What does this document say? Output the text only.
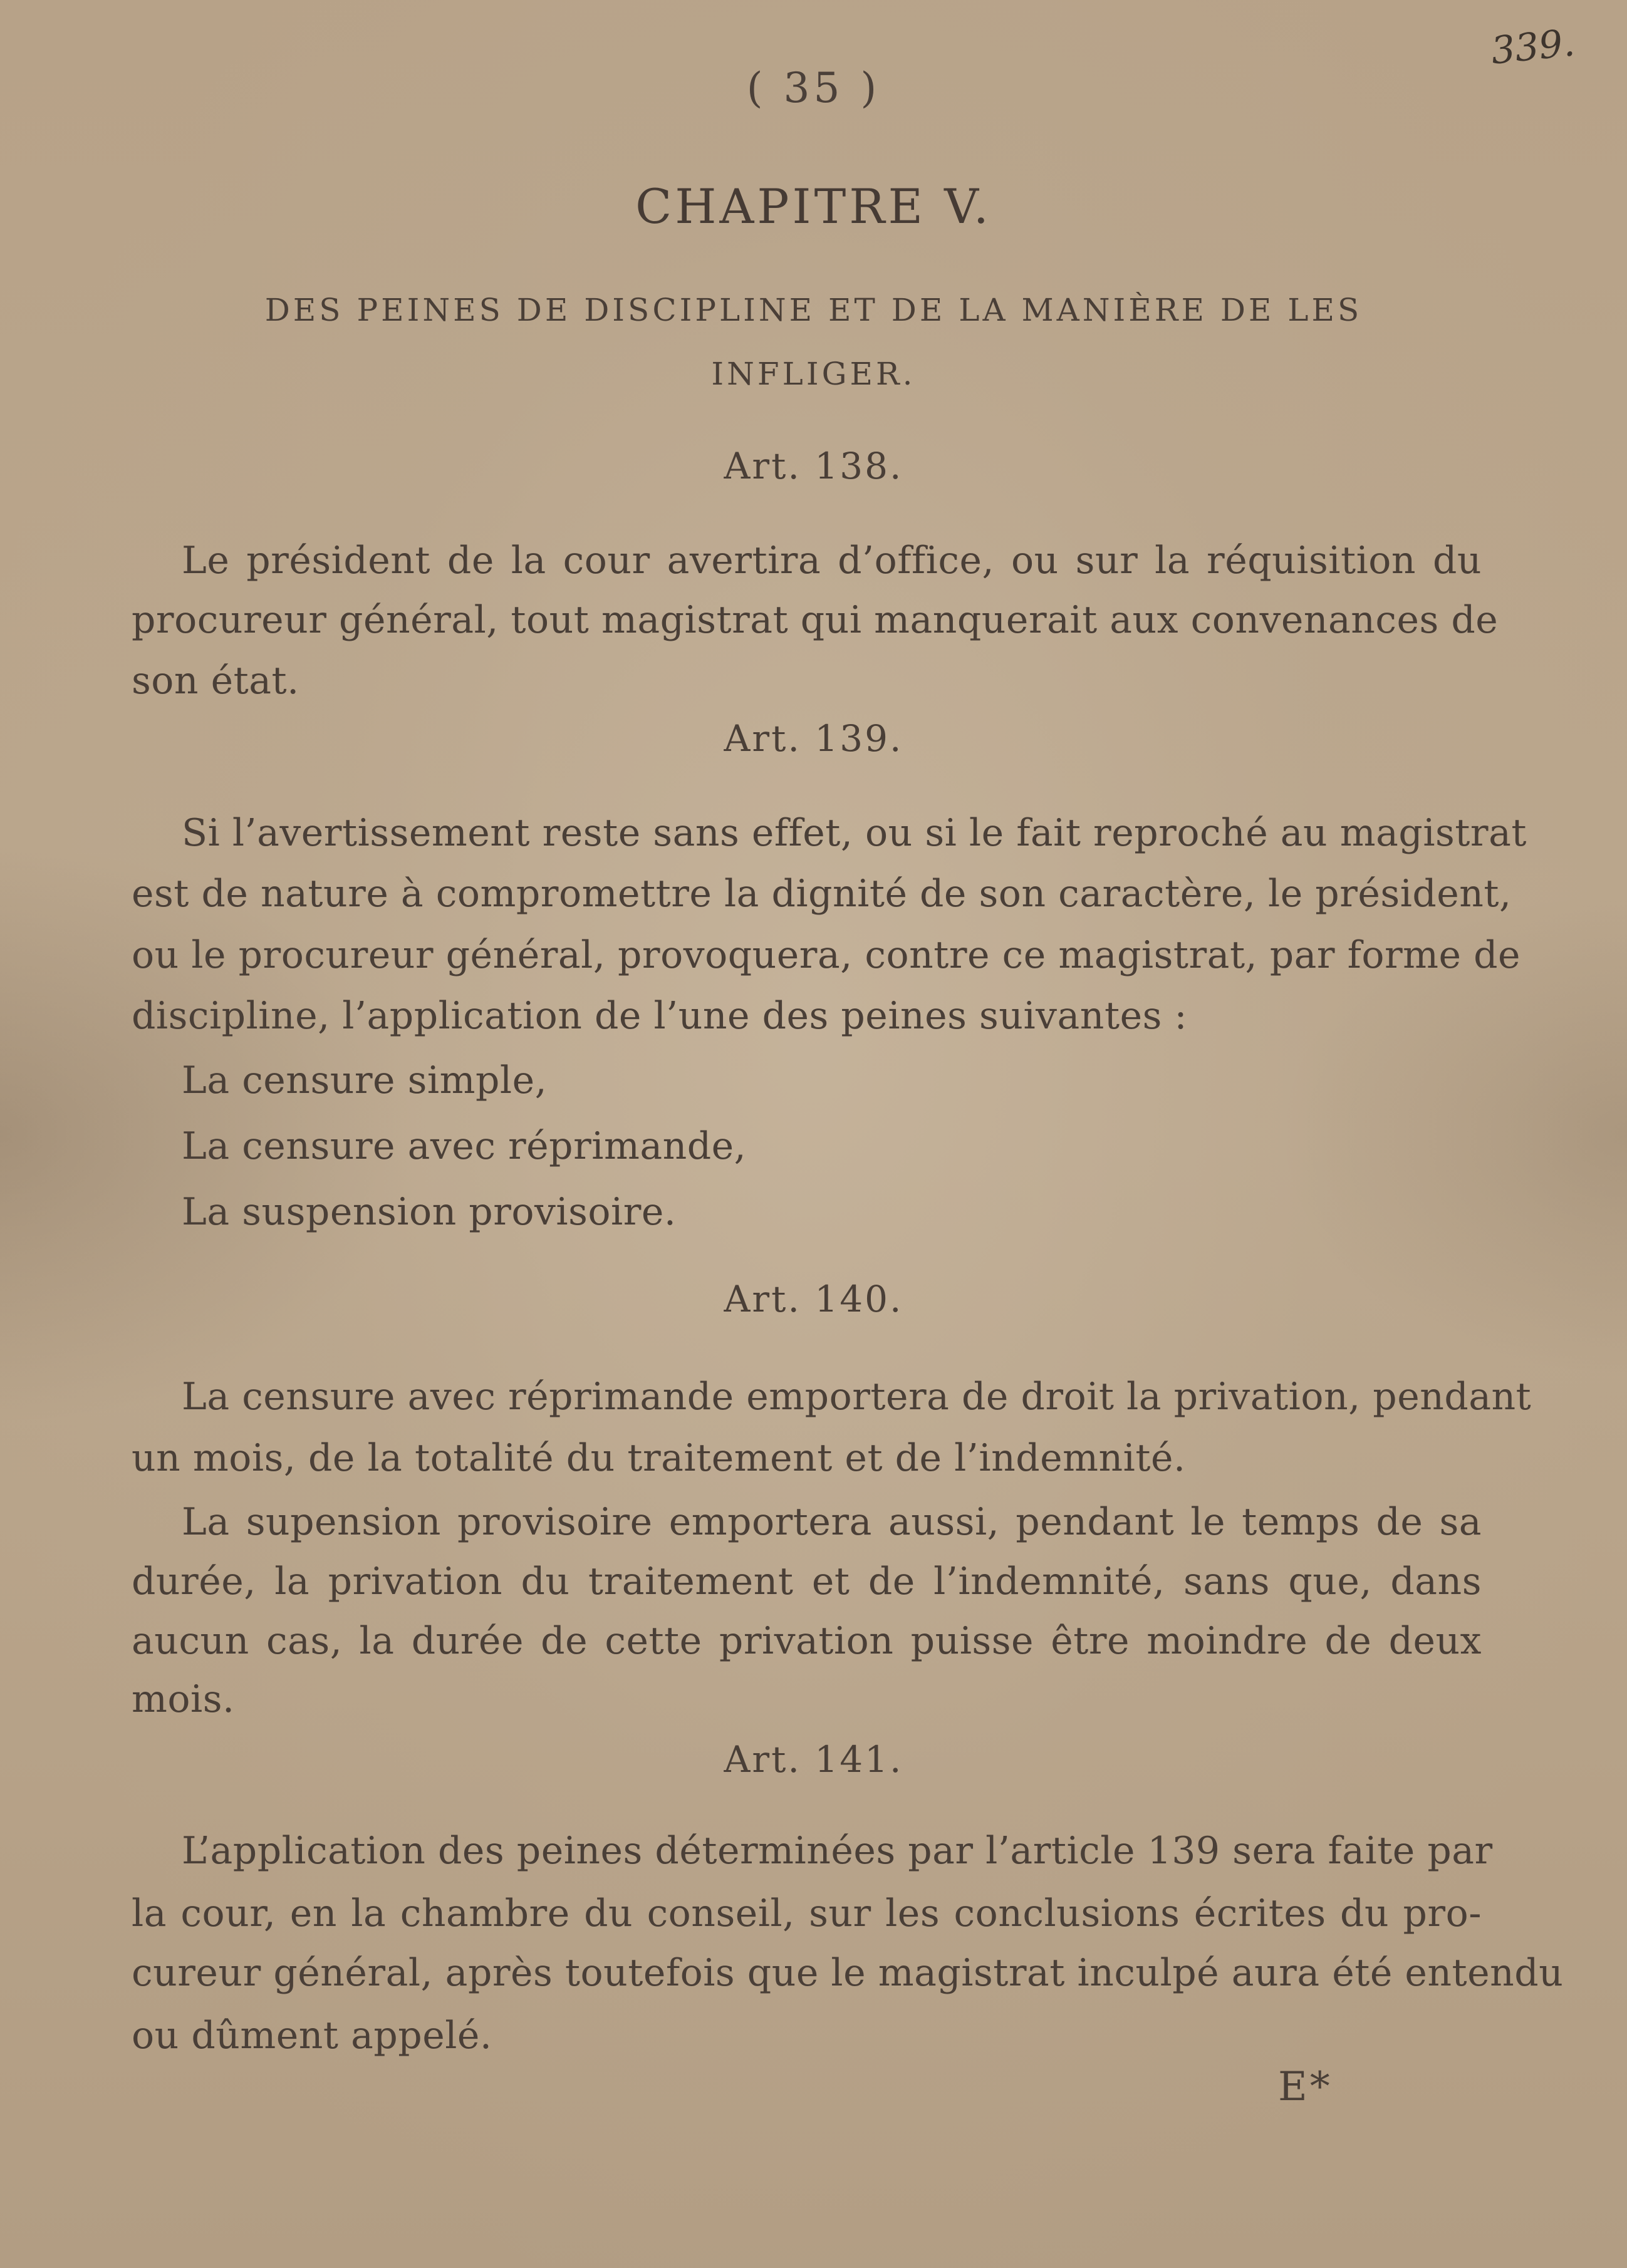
( 35 )
339.
CHAPITRE V.
DES PEINES DE DISCIPLINE ET DE LA MANIÈRE DE LES
INFLIGER.
Art. 138.
Le président de la cour avertira d’office, ou sur la réquisition du
procureur général, tout magistrat qui manquerait aux convenances de
son état.
Art. 139.
Si l’avertissement reste sans effet, ou si le fait reproché au magistrat
est de nature à compromettre la dignité de son caractère, le président,
ou le procureur général, provoquera, contre ce magistrat, par forme de
discipline, l’application de l’une des peines suivantes :
La censure simple,
La censure avec réprimande,
La suspension provisoire.
Art. 140.
La censure avec réprimande emportera de droit la privation, pendant
un mois, de la totalité du traitement et de l’indemnité.
La supension provisoire emportera aussi, pendant le temps de sa
durée, la privation du traitement et de l’indemnité, sans que, dans
aucun cas, la durée de cette privation puisse être moindre de deux
mois.
Art. 141.
L’application des peines déterminées par l’article 139 sera faite par
la cour, en la chambre du conseil, sur les conclusions écrites du pro-
cureur général, après toutefois que le magistrat inculpé aura été entendu
ou dûment appelé.
E*
